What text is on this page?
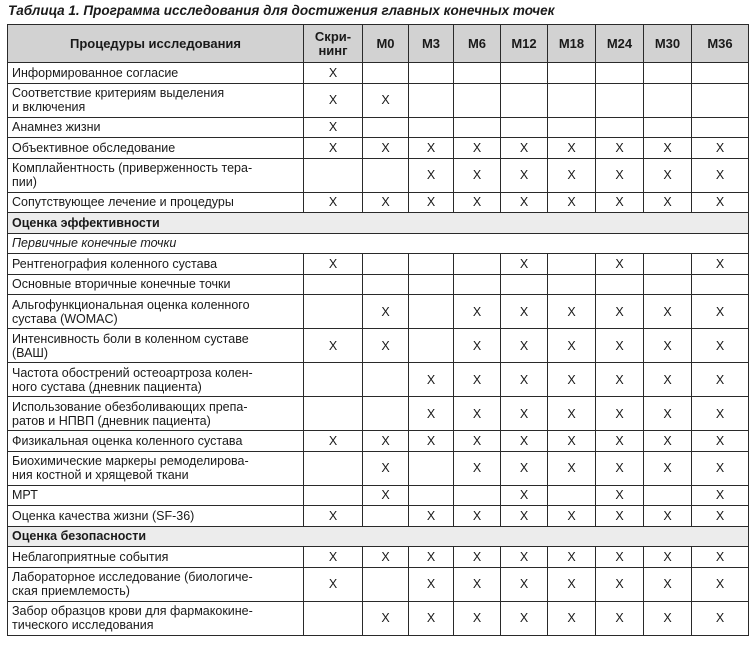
Таблица 1. Программа исследования для достижения главных конечных точек
Процедуры исследования	Скри-
нинг	М0	М3	М6	М12	М18	М24	М30	М36
Информированное согласие	Х								
Соответствие критериям выделения
и включения	Х	Х							
Анамнез жизни	Х								
Объективное обследование	Х	Х	Х	Х	Х	Х	Х	Х	Х
Комплайентность (приверженность тера-
пии)			Х	Х	Х	Х	Х	Х	Х
Сопутствующее лечение и процедуры	Х	Х	Х	Х	Х	Х	Х	Х	Х
Оценка эффективности									
Первичные конечные точки									
Рентгенография коленного сустава	Х				Х		Х		Х
Основные вторичные конечные точки									
Альгофункциональная оценка коленного
сустава (WOMAC)		Х		Х	Х	Х	Х	Х	Х
Интенсивность боли в коленном суставе
(ВАШ)	Х	Х		Х	Х	Х	Х	Х	Х
Частота обострений остеоартроза колен-
ного сустава (дневник пациента)			Х	Х	Х	Х	Х	Х	Х
Использование обезболивающих препа-
ратов и НПВП (дневник пациента)			Х	Х	Х	Х	Х	Х	Х
Физикальная оценка коленного сустава	Х	Х	Х	Х	Х	Х	Х	Х	Х
Биохимические маркеры ремоделирова-
ния костной и хрящевой ткани		Х		Х	Х	Х	Х	Х	Х
МРТ		Х			Х		Х		Х
Оценка качества жизни (SF-36)	Х		Х	Х	Х	Х	Х	Х	Х
Оценка безопасности									
Неблагоприятные события	Х	Х	Х	Х	Х	Х	Х	Х	Х
Лабораторное исследование (биологиче-
ская приемлемость)	Х		Х	Х	Х	Х	Х	Х	Х
Забор образцов крови для фармакокине-
тического исследования		Х	Х	Х	Х	Х	Х	Х	Х
